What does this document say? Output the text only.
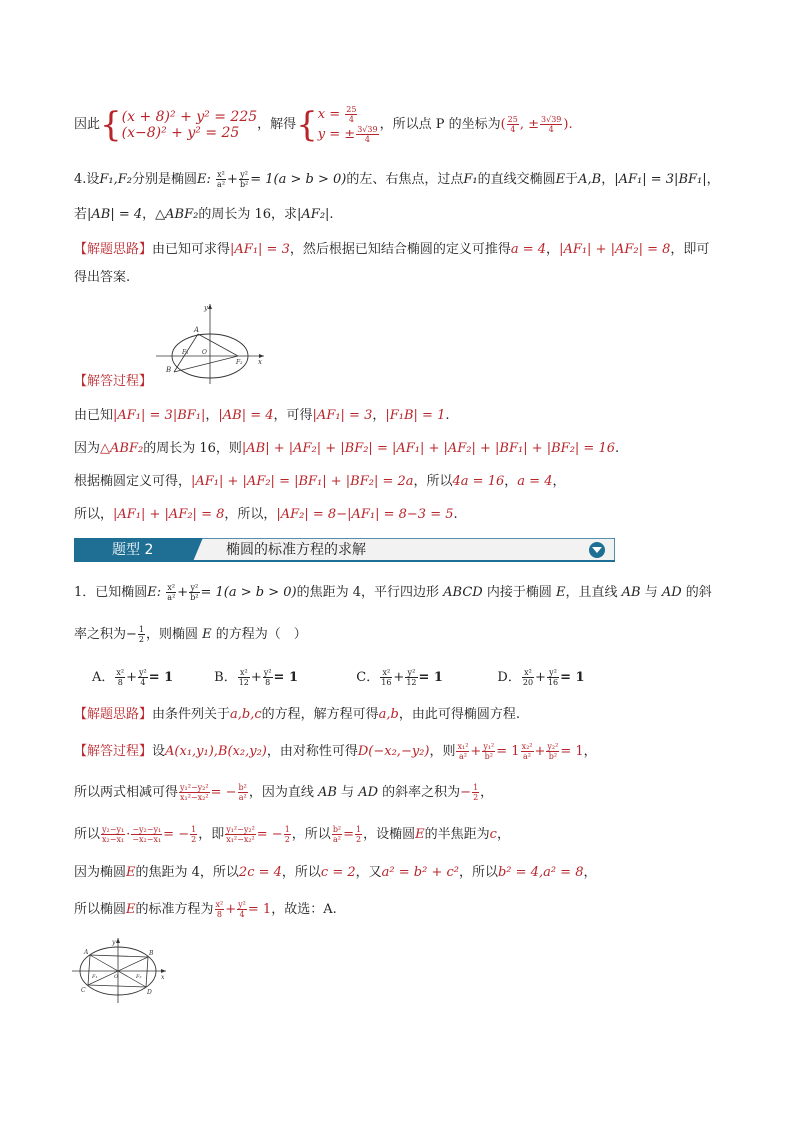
因此{ (x + 8)² + y² = 225
(x−8)² + y² = 25	，解得{ $x = \frac{25}{4}$
y = ± $\frac{3√39}{4}$ ，所以点 P 的坐标为( $\frac{25}{4}$ , ± $\frac{3√39}{4}$ ).
4.设F₁,F₂分别是椭圆E: $\frac{\text{x²}}{\text{a²}} + \frac{\text{y²}}{\text{b²}} = 1(a > b > 0)$的左、右焦点，过点F₁的直线交椭圆E于A,B，|AF₁| = 3|BF₁|，
若|AB| = 4，△ABF₂的周长为 16，求|AF₂|.
【解题思路】由已知可求得|AF₁| = 3，然后根据已知结合椭圆的定义可推得a = 4，|AF₁| + |AF₂| = 8，即可
得出答案.
y
A
F₁ O
F₂ x
B
【解答过程】
由已知|AF₁| = 3|BF₁|，|AB| = 4，可得|AF₁| = 3，|F₁B| = 1.
因为△ABF₂的周长为 16，则|AB| + |AF₂| + |BF₂| = |AF₁| + |AF₂| + |BF₁| + |BF₂| = 16.
根据椭圆定义可得，|AF₁| + |AF₂| = |BF₁| + |BF₂| = 2a，所以4a = 16，a = 4，
所以，|AF₁| + |AF₂| = 8，所以，|AF₂| = 8−|AF₁| = 8−3 = 5.
题型 2	椭圆的标准方程的求解
1．已知椭圆E: $\frac{\text{x²}}{\text{a²}} + \frac{\text{y²}}{\text{b²}} = 1(a > b > 0)$的焦距为 4，平行四边形 ABCD 内接于椭圆 E，且直线 AB 与 AD 的斜
率之积为− $\frac{1}{2}$ ，则椭圆 E 的方程为（　）
A． $\frac{\text{x²}}{8} + \frac{\text{y²}}{4} = 1$	B． $\frac{\text{x²}}{12} + \frac{\text{y²}}{8} = 1$	C． $\frac{\text{x²}}{16} + \frac{\text{y²}}{12} = 1$	D． $\frac{\text{x²}}{20} + \frac{\text{y²}}{16} = 1$
【解题思路】由条件列关于a,b,c的方程，解方程可得a,b，由此可得椭圆方程.
【解答过程】设A(x₁,y₁),B(x₂,y₂)，由对称性可得D(−x₂,−y₂)，则 $\frac{\text{x₁²}}{\text{a²}} + \frac{\text{y₁²}}{\text{b²}} = 1 \frac{\text{x₂²}}{\text{a²}} + \frac{\text{y₂²}}{\text{b²}} = 1$，
所以两式相减可得 $\frac{\text{y₁²−y₂²}}{\text{x₁²−x₂²}}$ = − $\frac{\text{b²}}{\text{a²}}$ ，因为直线 AB 与 AD 的斜率之积为− $\frac{1}{2}$ ，
所以 $\frac{\text{y₂−y₁}}{\text{x₂−x₁}} \cdot \frac{\text{−y₂−y₁}}{\text{−x₂−x₁}}$ = − $\frac{1}{2}$ ，即 $\frac{\text{y₁²−y₂²}}{\text{x₁²−x₂²}}$ = − $\frac{1}{2}$ ，所以 $\frac{\text{b²}}{\text{a²}} = \frac{1}{2}$ ，设椭圆E的半焦距为c，
因为椭圆E的焦距为 4，所以2c = 4，所以c = 2，又a² = b² + c²，所以b² = 4,a² = 8，
所以椭圆E的标准方程为 $\frac{\text{x²}}{8} + \frac{\text{y²}}{4} = 1$，故选：A.
y
A	B
F₁	O	F₂	x
C	D
